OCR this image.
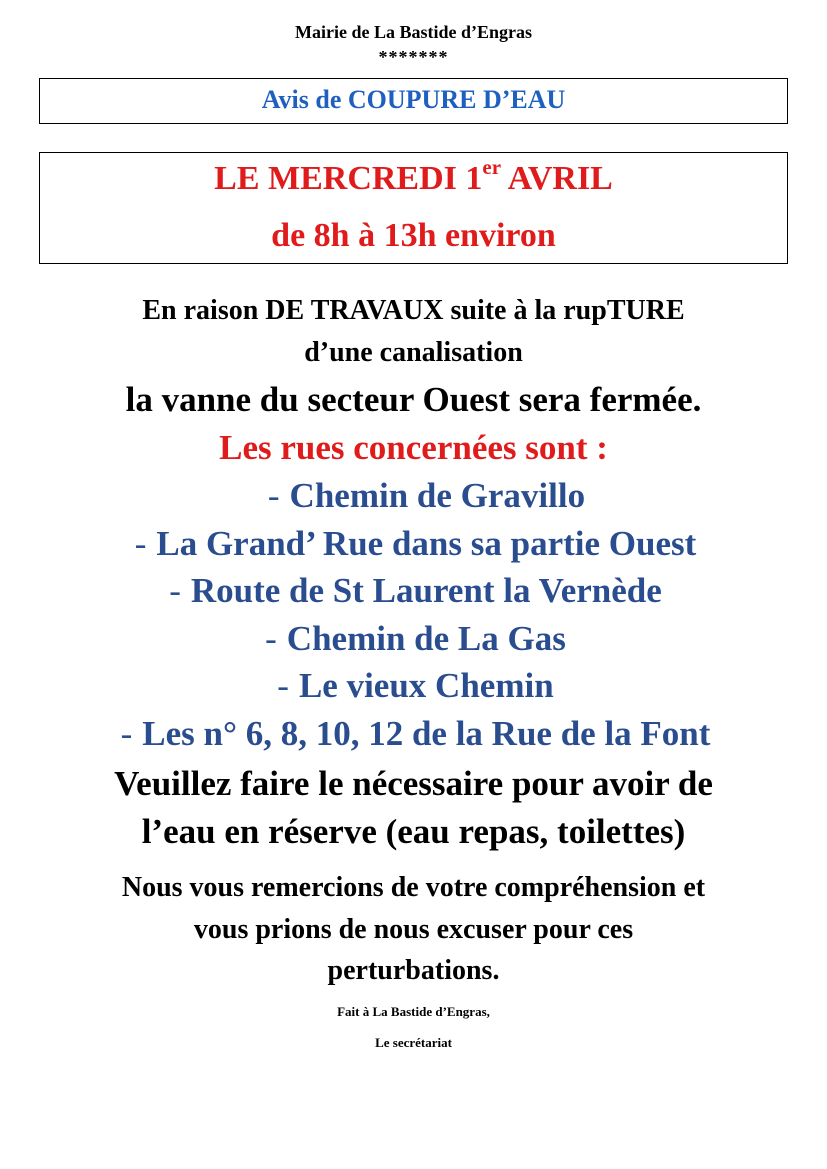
Mairie de La Bastide d’Engras

*******

Avis de COUPURE D’EAU
LE MERCREDI 1er AVRIL
de 8h à 13h environ

En raison DE TRAVAUX suite à la rupTURE

d’une canalisation

la vanne du secteur Ouest sera fermée.

Les rues concernées sont :

- Chemin de Gravillo

- La Grand’ Rue dans sa partie Ouest

- Route de St Laurent la Vernède

- Chemin de La Gas

- Le vieux Chemin

- Les n° 6, 8, 10, 12 de la Rue de la Font

Veuillez faire le nécessaire pour avoir de

l’eau en réserve (eau repas, toilettes)

Nous vous remercions de votre compréhension et

vous prions de nous excuser pour ces

perturbations.

Fait à La Bastide d’Engras,

Le secrétariat
